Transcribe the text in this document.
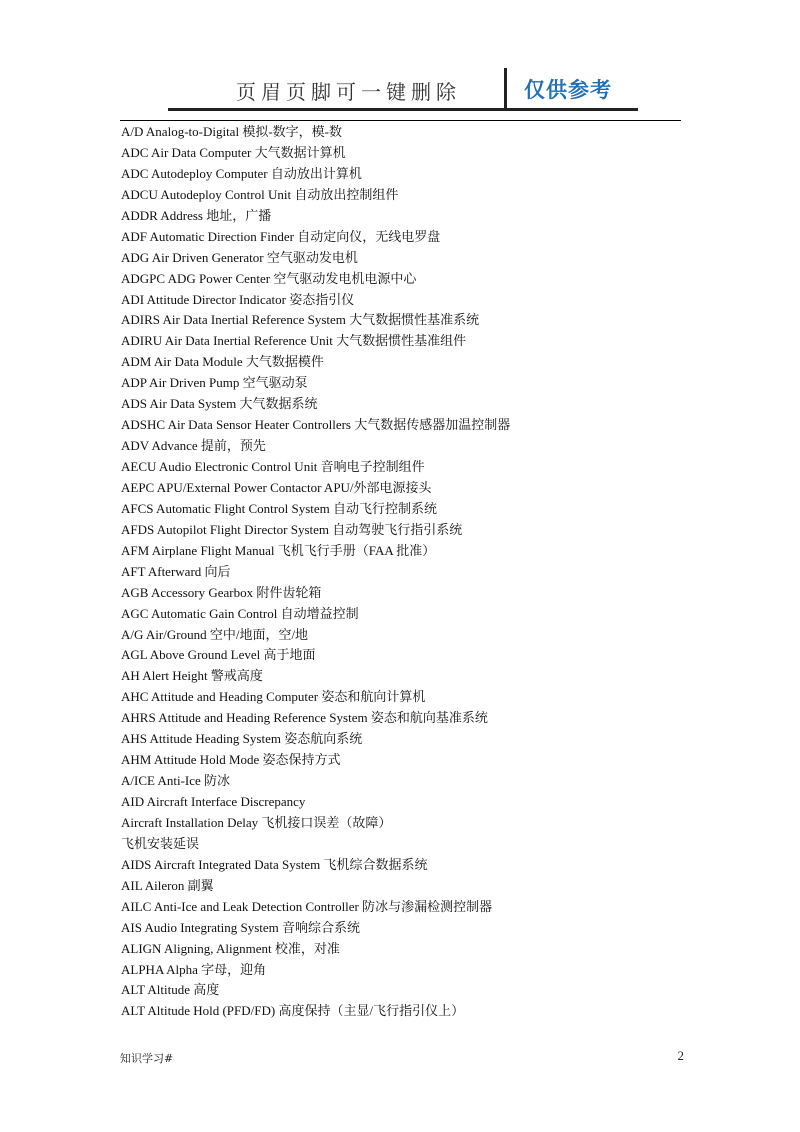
页眉页脚可一键删除	仅供参考
A/D Analog-to-Digital 模拟-数字，模-数
ADC Air Data Computer 大气数据计算机
ADC Autodeploy Computer 自动放出计算机
ADCU Autodeploy Control Unit 自动放出控制组件
ADDR Address 地址，广播
ADF Automatic Direction Finder 自动定向仪，无线电罗盘
ADG Air Driven Generator 空气驱动发电机
ADGPC ADG Power Center 空气驱动发电机电源中心
ADI Attitude Director Indicator 姿态指引仪
ADIRS Air Data Inertial Reference System 大气数据惯性基准系统
ADIRU Air Data Inertial Reference Unit 大气数据惯性基准组件
ADM Air Data Module 大气数据模件
ADP Air Driven Pump 空气驱动泵
ADS Air Data System 大气数据系统
ADSHC Air Data Sensor Heater Controllers 大气数据传感器加温控制器
ADV Advance 提前，预先
AECU Audio Electronic Control Unit 音响电子控制组件
AEPC APU/External Power Contactor APU/外部电源接头
AFCS Automatic Flight Control System 自动飞行控制系统
AFDS Autopilot Flight Director System 自动驾驶飞行指引系统
AFM Airplane Flight Manual 飞机飞行手册（FAA 批准）
AFT Afterward 向后
AGB Accessory Gearbox 附件齿轮箱
AGC Automatic Gain Control 自动增益控制
A/G Air/Ground 空中/地面，空/地
AGL Above Ground Level 高于地面
AH Alert Height 警戒高度
AHC Attitude and Heading Computer 姿态和航向计算机
AHRS Attitude and Heading Reference System 姿态和航向基准系统
AHS Attitude Heading System 姿态航向系统
AHM Attitude Hold Mode 姿态保持方式
A/ICE Anti-Ice 防冰
AID Aircraft Interface Discrepancy
Aircraft Installation Delay 飞机接口误差（故障）
飞机安装延误
AIDS Aircraft Integrated Data System 飞机综合数据系统
AIL Aileron 副翼
AILC Anti-Ice and Leak Detection Controller 防冰与渗漏检测控制器
AIS Audio Integrating System 音响综合系统
ALIGN Aligning, Alignment 校准，对准
ALPHA Alpha 字母，迎角
ALT Altitude 高度
ALT Altitude Hold (PFD/FD) 高度保持（主显/飞行指引仪上）
知识学习#	2
